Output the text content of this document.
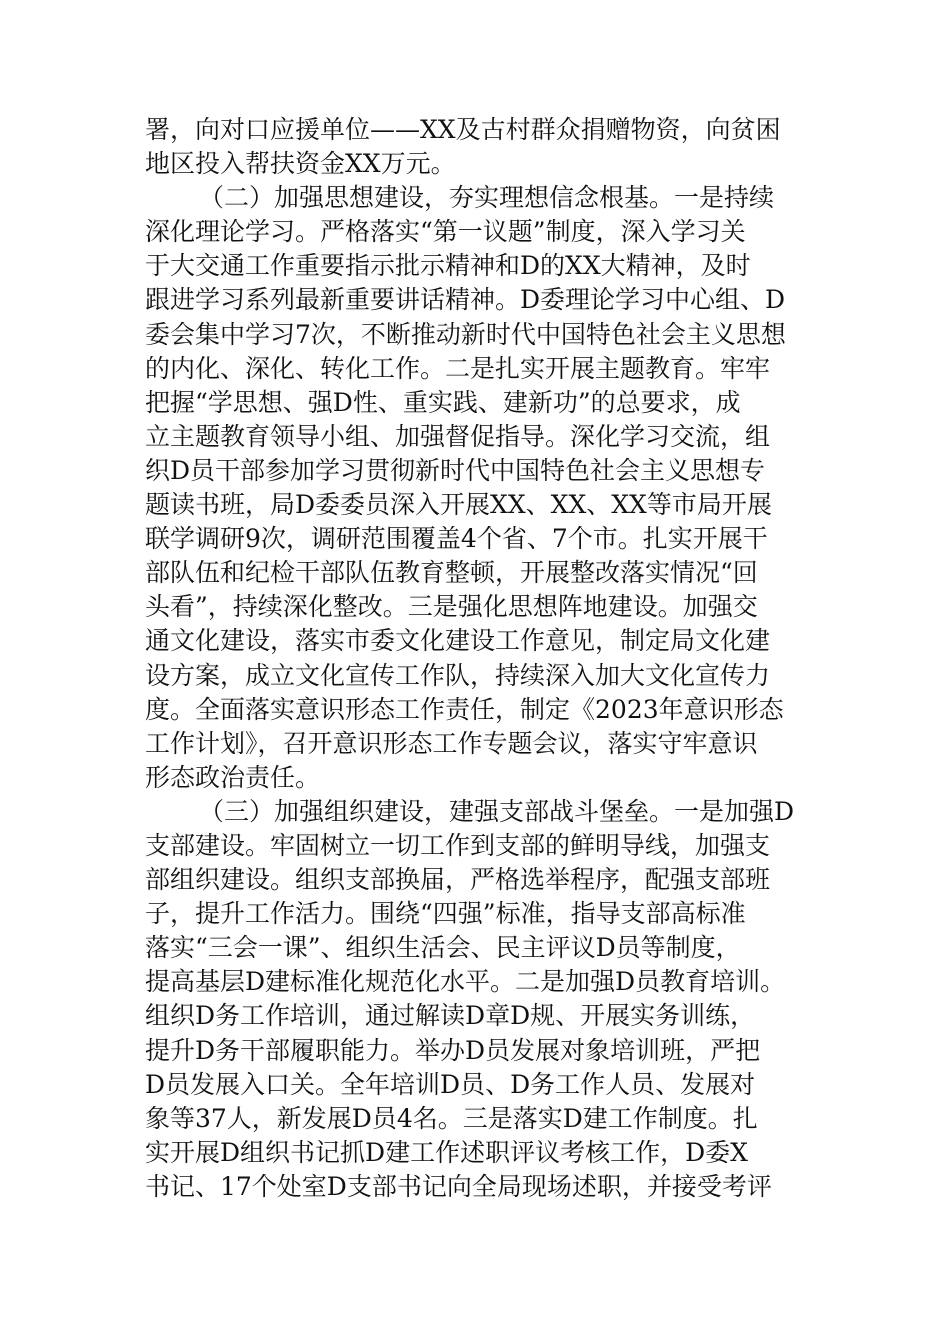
署，向对口应援单位——XX及古村群众捐赠物资，向贫困
地区投入帮扶资金XX万元。
（二）加强思想建设，夯实理想信念根基。一是持续
深化理论学习。严格落实“第一议题”制度，深入学习关
于大交通工作重要指示批示精神和D的XX大精神，及时
跟进学习系列最新重要讲话精神。D委理论学习中心组、D
委会集中学习7次，不断推动新时代中国特色社会主义思想
的内化、深化、转化工作。二是扎实开展主题教育。牢牢
把握“学思想、强D性、重实践、建新功”的总要求，成
立主题教育领导小组、加强督促指导。深化学习交流，组
织D员干部参加学习贯彻新时代中国特色社会主义思想专
题读书班，局D委委员深入开展XX、XX、XX等市局开展
联学调研9次，调研范围覆盖4个省、7个市。扎实开展干
部队伍和纪检干部队伍教育整顿，开展整改落实情况“回
头看”，持续深化整改。三是强化思想阵地建设。加强交
通文化建设，落实市委文化建设工作意见，制定局文化建
设方案，成立文化宣传工作队，持续深入加大文化宣传力
度。全面落实意识形态工作责任，制定《2023年意识形态
工作计划》，召开意识形态工作专题会议，落实守牢意识
形态政治责任。
（三）加强组织建设，建强支部战斗堡垒。一是加强D
支部建设。牢固树立一切工作到支部的鲜明导线，加强支
部组织建设。组织支部换届，严格选举程序，配强支部班
子，提升工作活力。围绕“四强”标准，指导支部高标准
落实“三会一课”、组织生活会、民主评议D员等制度，
提高基层D建标准化规范化水平。二是加强D员教育培训。
组织D务工作培训，通过解读D章D规、开展实务训练，
提升D务干部履职能力。举办D员发展对象培训班，严把
D员发展入口关。全年培训D员、D务工作人员、发展对
象等37人，新发展D员4名。三是落实D建工作制度。扎
实开展D组织书记抓D建工作述职评议考核工作，D委X
书记、17个处室D支部书记向全局现场述职，并接受考评
